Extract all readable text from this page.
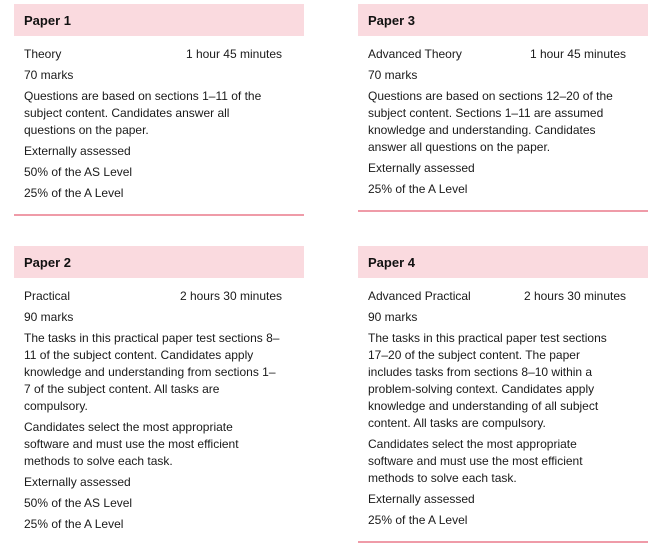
Paper 1
Theory	1 hour 45 minutes
70 marks
Questions are based on sections 1–11 of the subject content. Candidates answer all questions on the paper.
Externally assessed
50% of the AS Level
25% of the A Level
Paper 3
Advanced Theory	1 hour 45 minutes
70 marks
Questions are based on sections 12–20 of the subject content. Sections 1–11 are assumed knowledge and understanding. Candidates answer all questions on the paper.
Externally assessed
25% of the A Level
Paper 2
Practical	2 hours 30 minutes
90 marks
The tasks in this practical paper test sections 8–11 of the subject content. Candidates apply knowledge and understanding from sections 1–7 of the subject content. All tasks are compulsory.
Candidates select the most appropriate software and must use the most efficient methods to solve each task.
Externally assessed
50% of the AS Level
25% of the A Level
Paper 4
Advanced Practical	2 hours 30 minutes
90 marks
The tasks in this practical paper test sections 17–20 of the subject content. The paper includes tasks from sections 8–10 within a problem-solving context. Candidates apply knowledge and understanding of all subject content. All tasks are compulsory.
Candidates select the most appropriate software and must use the most efficient methods to solve each task.
Externally assessed
25% of the A Level
